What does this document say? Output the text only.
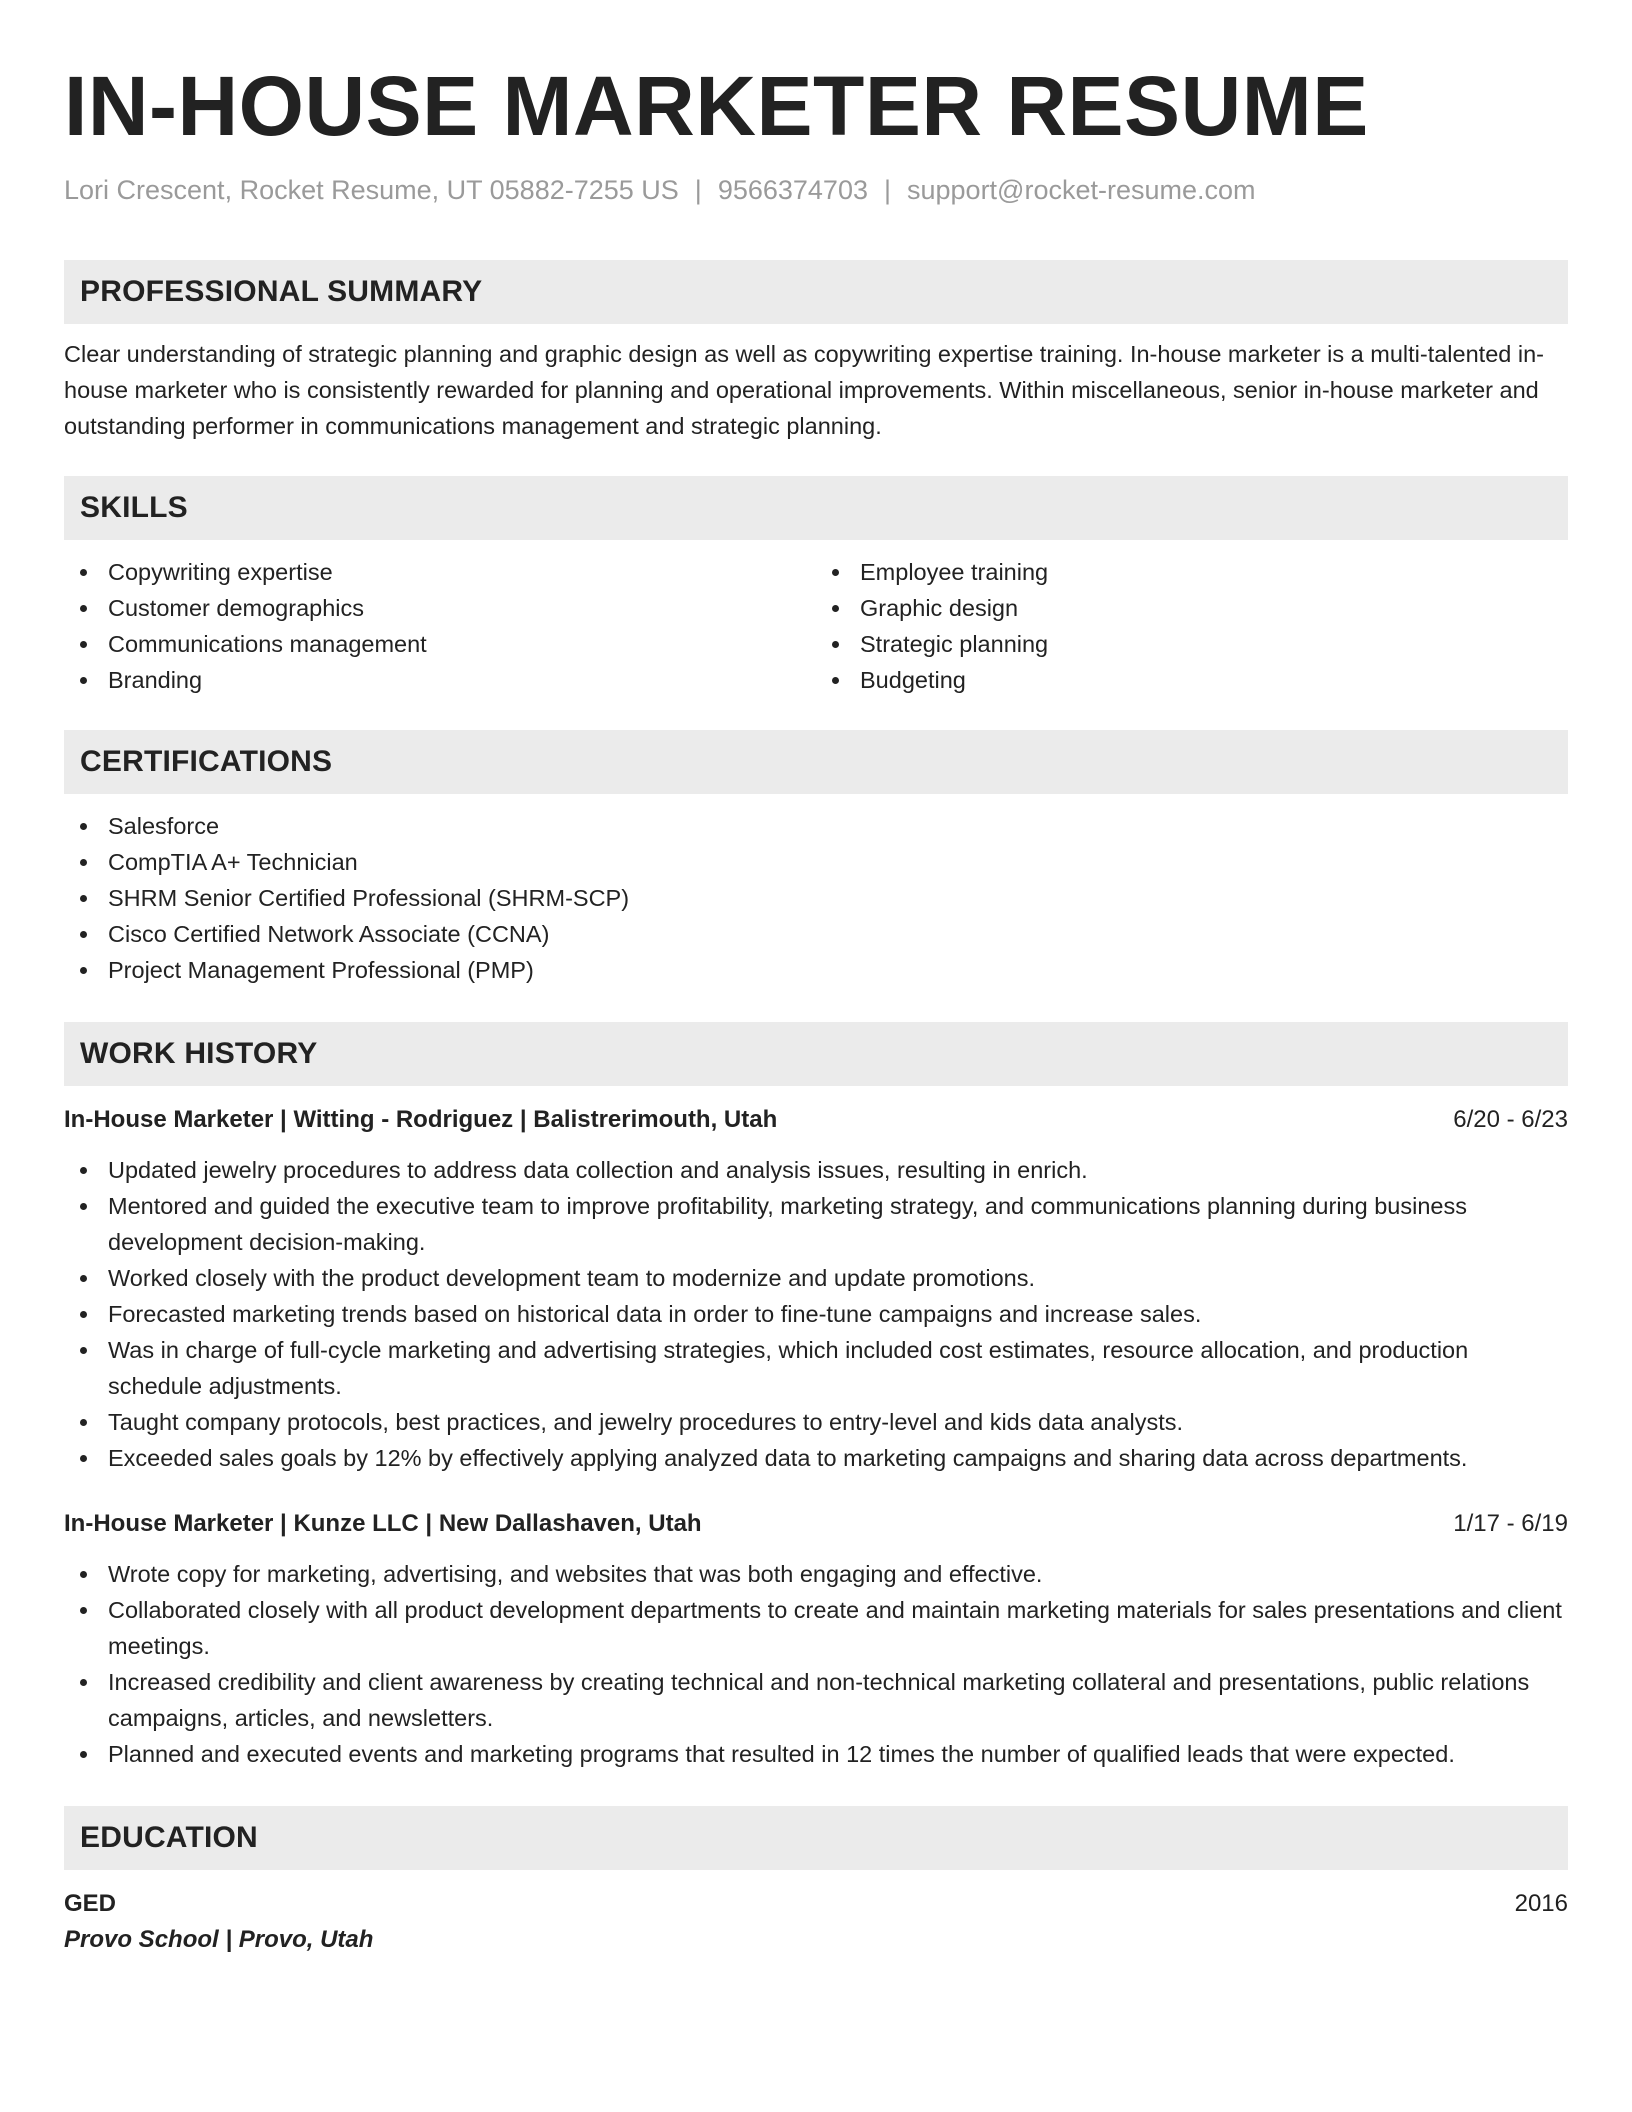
IN-HOUSE MARKETER RESUME
Lori Crescent, Rocket Resume, UT 05882-7255 US | 9566374703 | support@rocket-resume.com
PROFESSIONAL SUMMARY

Clear understanding of strategic planning and graphic design as well as copywriting expertise training. In-house marketer is a multi-talented in-house marketer who is consistently rewarded for planning and operational improvements. Within miscellaneous, senior in-house marketer and outstanding performer in communications management and strategic planning.

SKILLS
Copywriting expertise
Customer demographics
Communications management
Branding
Employee training
Graphic design
Strategic planning
Budgeting
CERTIFICATIONS
Salesforce
CompTIA A+ Technician
SHRM Senior Certified Professional (SHRM-SCP)
Cisco Certified Network Associate (CCNA)
Project Management Professional (PMP)
WORK HISTORY
In-House Marketer | Witting - Rodriguez | Balistrerimouth, Utah	6/20 - 6/23
Updated jewelry procedures to address data collection and analysis issues, resulting in enrich.
Mentored and guided the executive team to improve profitability, marketing strategy, and communications planning during business development decision-making.
Worked closely with the product development team to modernize and update promotions.
Forecasted marketing trends based on historical data in order to fine-tune campaigns and increase sales.
Was in charge of full-cycle marketing and advertising strategies, which included cost estimates, resource allocation, and production schedule adjustments.
Taught company protocols, best practices, and jewelry procedures to entry-level and kids data analysts.
Exceeded sales goals by 12% by effectively applying analyzed data to marketing campaigns and sharing data across departments.
In-House Marketer | Kunze LLC | New Dallashaven, Utah	1/17 - 6/19
Wrote copy for marketing, advertising, and websites that was both engaging and effective.
Collaborated closely with all product development departments to create and maintain marketing materials for sales presentations and client meetings.
Increased credibility and client awareness by creating technical and non-technical marketing collateral and presentations, public relations campaigns, articles, and newsletters.
Planned and executed events and marketing programs that resulted in 12 times the number of qualified leads that were expected.
EDUCATION
GED	2016
Provo School | Provo, Utah
